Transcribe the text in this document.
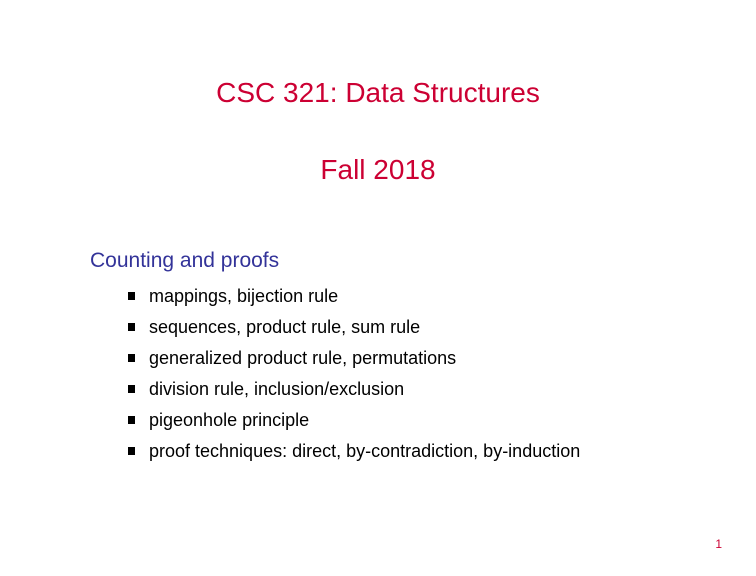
CSC 321: Data Structures
Fall 2018
Counting and proofs
mappings, bijection rule
sequences, product rule, sum rule
generalized product rule, permutations
division rule, inclusion/exclusion
pigeonhole principle
proof techniques: direct, by-contradiction, by-induction
1
